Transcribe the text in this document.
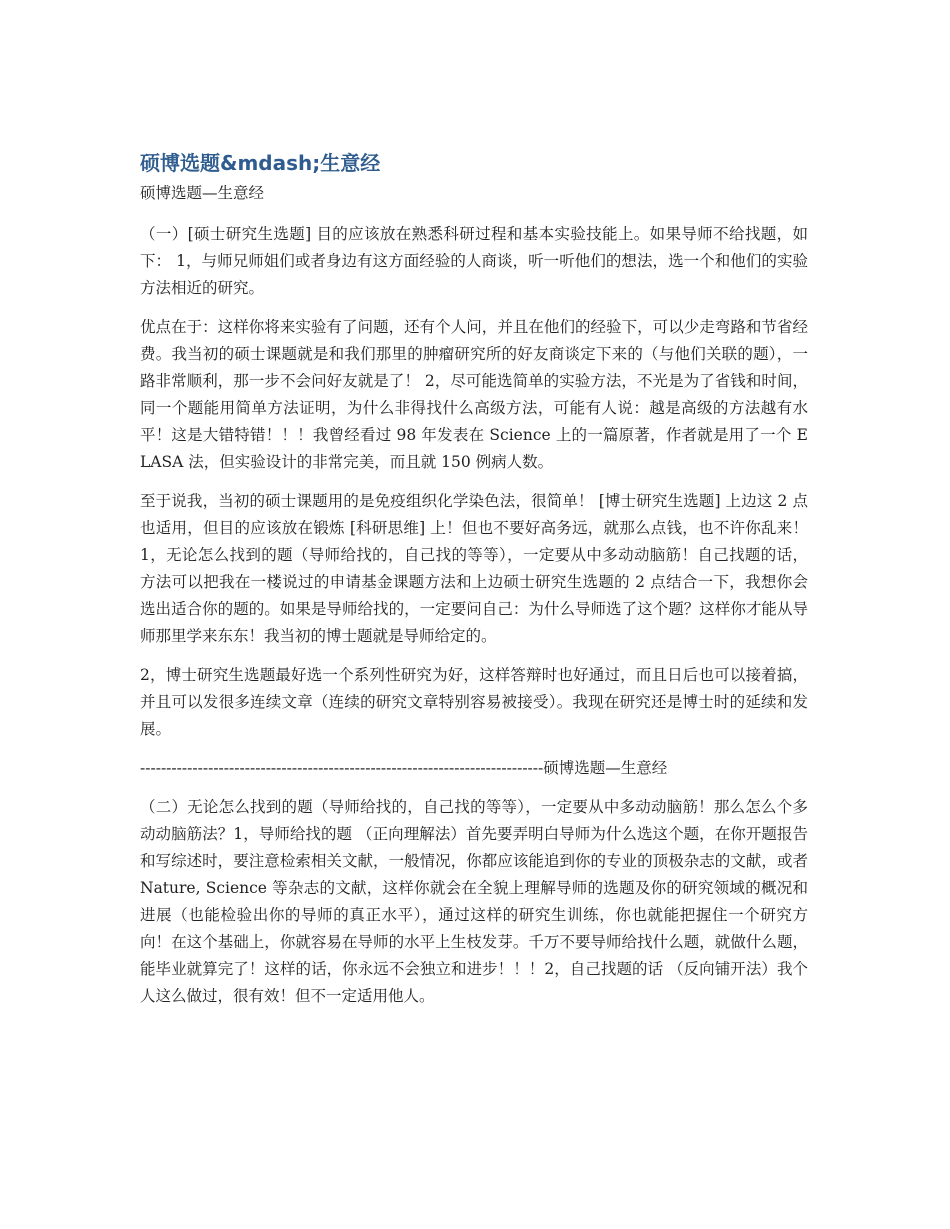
硕博选题&mdash;生意经
硕博选题—生意经

（一）[硕士研究生选题] 目的应该放在熟悉科研过程和基本实验技能上。如果导师不给找题，如下： 1，与师兄师姐们或者身边有这方面经验的人商谈，听一听他们的想法，选一个和他们的实验方法相近的研究。

优点在于：这样你将来实验有了问题，还有个人问，并且在他们的经验下，可以少走弯路和节省经费。我当初的硕士课题就是和我们那里的肿瘤研究所的好友商谈定下来的（与他们关联的题），一路非常顺利，那一步不会问好友就是了！ 2，尽可能选简单的实验方法，不光是为了省钱和时间，同一个题能用简单方法证明，为什么非得找什么高级方法，可能有人说：越是高级的方法越有水平！这是大错特错！！！我曾经看过 98 年发表在 Science 上的一篇原著，作者就是用了一个 ELASA 法，但实验设计的非常完美，而且就 150 例病人数。

至于说我，当初的硕士课题用的是免疫组织化学染色法，很简单！ [博士研究生选题] 上边这 2 点也适用，但目的应该放在锻炼 [科研思维] 上！但也不要好高务远，就那么点钱，也不许你乱来！ 1，无论怎么找到的题（导师给找的，自己找的等等），一定要从中多动动脑筋！自己找题的话，方法可以把我在一楼说过的申请基金课题方法和上边硕士研究生选题的 2 点结合一下，我想你会选出适合你的题的。如果是导师给找的，一定要问自己：为什么导师选了这个题？这样你才能从导师那里学来东东！我当初的博士题就是导师给定的。

2，博士研究生选题最好选一个系列性研究为好，这样答辩时也好通过，而且日后也可以接着搞，并且可以发很多连续文章（连续的研究文章特别容易被接受）。我现在研究还是博士时的延续和发展。

-----------------------------------------------------------------------------硕博选题—生意经

（二）无论怎么找到的题（导师给找的，自己找的等等），一定要从中多动动脑筋！那么怎么个多动动脑筋法？1，导师给找的题 （正向理解法）首先要弄明白导师为什么选这个题，在你开题报告和写综述时，要注意检索相关文献，一般情况，你都应该能追到你的专业的顶极杂志的文献，或者 Nature, Science 等杂志的文献，这样你就会在全貌上理解导师的选题及你的研究领域的概况和进展（也能检验出你的导师的真正水平），通过这样的研究生训练，你也就能把握住一个研究方向！在这个基础上，你就容易在导师的水平上生枝发芽。千万不要导师给找什么题，就做什么题，能毕业就算完了！这样的话，你永远不会独立和进步！！！2，自己找题的话 （反向铺开法）我个人这么做过，很有效！但不一定适用他人。
